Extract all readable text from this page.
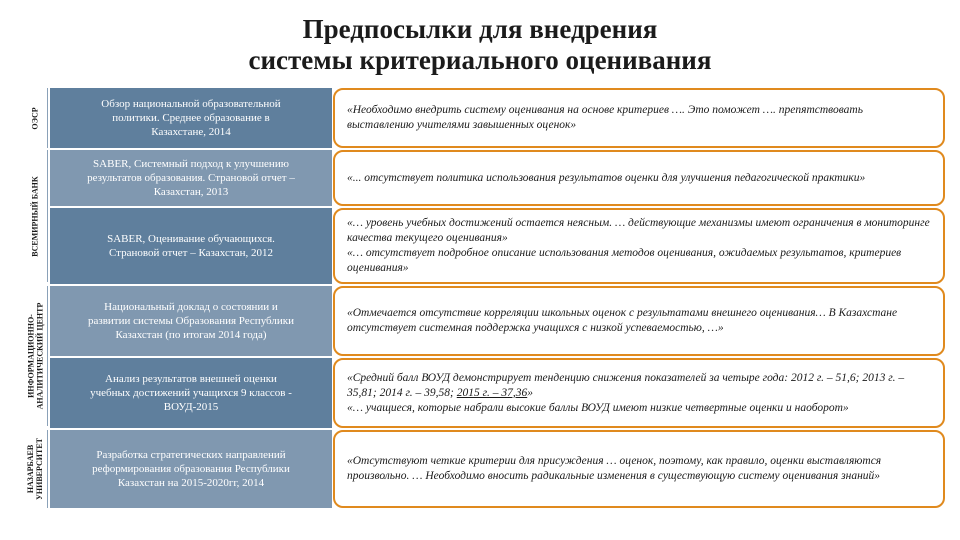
Предпосылки для внедрения
системы критериального оценивания
ОЭСР
ВСЕМИРНЫЙ БАНК
ИНФОРМАЦИОННО- АНАЛИТИЧЕСКИЙ ЦЕНТР
НАЗАРБАЕВ УНИВЕРСИТЕТ
Обзор национальной образовательной политики. Среднее образование в Казахстане, 2014
SABER, Системный подход к улучшению результатов образования. Страновой отчет – Казахстан, 2013
SABER, Оценивание обучающихся. Страновой отчет – Казахстан, 2012
Национальный доклад о состоянии и развитии системы Образования Республики Казахстан (по итогам 2014 года)
Анализ результатов внешней оценки учебных достижений учащихся 9 классов - ВОУД-2015
Разработка стратегических направлений реформирования образования Республики Казахстан на 2015-2020гг, 2014
«Необходимо внедрить систему оценивания на основе критериев …. Это поможет …. препятствовать выставлению учителями завышенных оценок»
«... отсутствует политика использования результатов оценки для улучшения педагогической практики»
«… уровень учебных достижений остается неясным. … действующие механизмы имеют ограничения в мониторинге качества текущего оценивания»
«… отсутствует подробное описание использования методов оценивания, ожидаемых результатов, критериев оценивания»
«Отмечается отсутствие корреляции школьных оценок с результатами внешнего оценивания… В Казахстане отсутствует системная поддержка учащихся с низкой успеваемостью, …»
«Средний балл ВОУД демонстрирует тенденцию снижения показателей за четыре года: 2012 г. – 51,6; 2013 г. – 35,81; 2014 г. – 39,58; 2015 г. – 37,36»
«… учащиеся, которые набрали высокие баллы ВОУД имеют низкие четвертные оценки и наоборот»
«Отсутствуют четкие критерии для присуждения … оценок, поэтому, как правило, оценки выставляются произвольно. … Необходимо вносить радикальные изменения в существующую систему оценивания знаний»
